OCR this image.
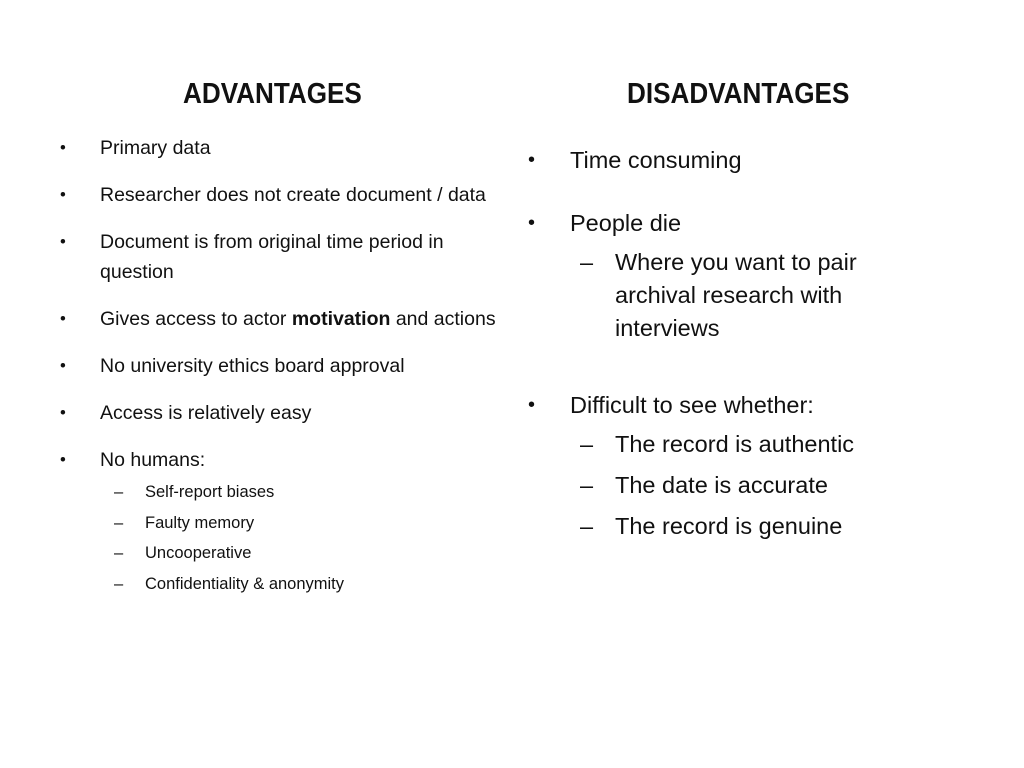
ADVANTAGES	DISADVANTAGES
• Primary data
• Researcher does not create document / data
• Document is from original time period in question
• Gives access to actor motivation and actions
• No university ethics board approval
• Access is relatively easy
• No humans:
– Self-report biases
– Faulty memory
– Uncooperative
– Confidentiality & anonymity
• Time consuming
• People die
– Where you want to pair archival research with interviews
• Difficult to see whether:
– The record is authentic
– The date is accurate
– The record is genuine
